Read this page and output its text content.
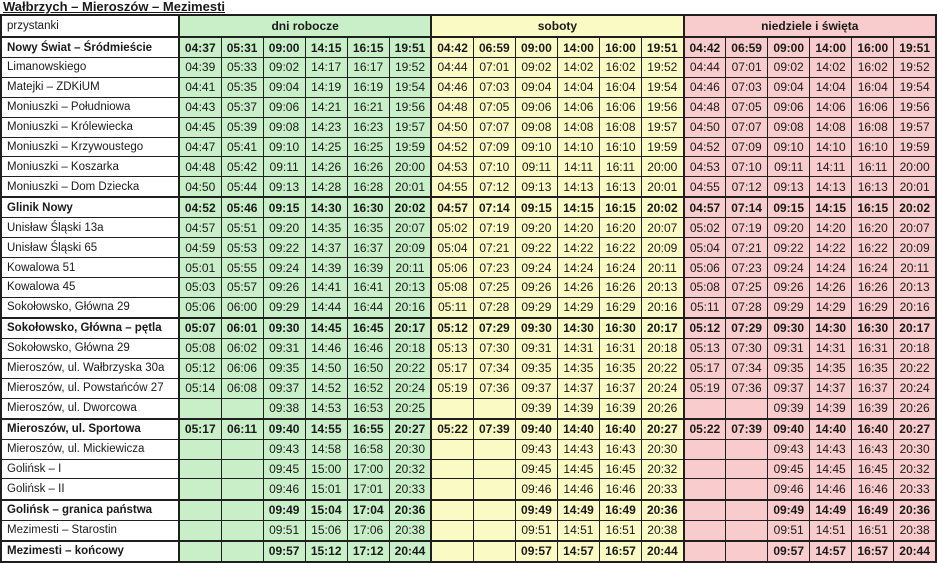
Wałbrzych – Mieroszów – Mezimesti
przystanki	dni robocze						soboty						niedziele i święta					
Nowy Świat – Śródmieście	04:37	05:31	09:00	14:15	16:15	19:51	04:42	06:59	09:00	14:00	16:00	19:51	04:42	06:59	09:00	14:00	16:00	19:51
Limanowskiego	04:39	05:33	09:02	14:17	16:17	19:52	04:44	07:01	09:02	14:02	16:02	19:52	04:44	07:01	09:02	14:02	16:02	19:52
Matejki – ZDKiUM	04:41	05:35	09:04	14:19	16:19	19:54	04:46	07:03	09:04	14:04	16:04	19:54	04:46	07:03	09:04	14:04	16:04	19:54
Moniuszki – Południowa	04:43	05:37	09:06	14:21	16:21	19:56	04:48	07:05	09:06	14:06	16:06	19:56	04:48	07:05	09:06	14:06	16:06	19:56
Moniuszki – Królewiecka	04:45	05:39	09:08	14:23	16:23	19:57	04:50	07:07	09:08	14:08	16:08	19:57	04:50	07:07	09:08	14:08	16:08	19:57
Moniuszki – Krzywoustego	04:47	05:41	09:10	14:25	16:25	19:59	04:52	07:09	09:10	14:10	16:10	19:59	04:52	07:09	09:10	14:10	16:10	19:59
Moniuszki – Koszarka	04:48	05:42	09:11	14:26	16:26	20:00	04:53	07:10	09:11	14:11	16:11	20:00	04:53	07:10	09:11	14:11	16:11	20:00
Moniuszki – Dom Dziecka	04:50	05:44	09:13	14:28	16:28	20:01	04:55	07:12	09:13	14:13	16:13	20:01	04:55	07:12	09:13	14:13	16:13	20:01
Glinik Nowy	04:52	05:46	09:15	14:30	16:30	20:02	04:57	07:14	09:15	14:15	16:15	20:02	04:57	07:14	09:15	14:15	16:15	20:02
Unisław Śląski 13a	04:57	05:51	09:20	14:35	16:35	20:07	05:02	07:19	09:20	14:20	16:20	20:07	05:02	07:19	09:20	14:20	16:20	20:07
Unisław Śląski 65	04:59	05:53	09:22	14:37	16:37	20:09	05:04	07:21	09:22	14:22	16:22	20:09	05:04	07:21	09:22	14:22	16:22	20:09
Kowalowa 51	05:01	05:55	09:24	14:39	16:39	20:11	05:06	07:23	09:24	14:24	16:24	20:11	05:06	07:23	09:24	14:24	16:24	20:11
Kowalowa 45	05:03	05:57	09:26	14:41	16:41	20:13	05:08	07:25	09:26	14:26	16:26	20:13	05:08	07:25	09:26	14:26	16:26	20:13
Sokołowsko, Główna 29	05:06	06:00	09:29	14:44	16:44	20:16	05:11	07:28	09:29	14:29	16:29	20:16	05:11	07:28	09:29	14:29	16:29	20:16
Sokołowsko, Główna – pętla	05:07	06:01	09:30	14:45	16:45	20:17	05:12	07:29	09:30	14:30	16:30	20:17	05:12	07:29	09:30	14:30	16:30	20:17
Sokołowsko, Główna 29	05:08	06:02	09:31	14:46	16:46	20:18	05:13	07:30	09:31	14:31	16:31	20:18	05:13	07:30	09:31	14:31	16:31	20:18
Mieroszów, ul. Wałbrzyska 30a	05:12	06:06	09:35	14:50	16:50	20:22	05:17	07:34	09:35	14:35	16:35	20:22	05:17	07:34	09:35	14:35	16:35	20:22
Mieroszów, ul. Powstańców 27	05:14	06:08	09:37	14:52	16:52	20:24	05:19	07:36	09:37	14:37	16:37	20:24	05:19	07:36	09:37	14:37	16:37	20:24
Mieroszów, ul. Dworcowa			09:38	14:53	16:53	20:25			09:39	14:39	16:39	20:26			09:39	14:39	16:39	20:26
Mieroszów, ul. Sportowa	05:17	06:11	09:40	14:55	16:55	20:27	05:22	07:39	09:40	14:40	16:40	20:27	05:22	07:39	09:40	14:40	16:40	20:27
Mieroszów, ul. Mickiewicza			09:43	14:58	16:58	20:30			09:43	14:43	16:43	20:30			09:43	14:43	16:43	20:30
Golińsk – I			09:45	15:00	17:00	20:32			09:45	14:45	16:45	20:32			09:45	14:45	16:45	20:32
Golińsk – II			09:46	15:01	17:01	20:33			09:46	14:46	16:46	20:33			09:46	14:46	16:46	20:33
Golińsk – granica państwa			09:49	15:04	17:04	20:36			09:49	14:49	16:49	20:36			09:49	14:49	16:49	20:36
Mezimesti – Starostin			09:51	15:06	17:06	20:38			09:51	14:51	16:51	20:38			09:51	14:51	16:51	20:38
Mezimesti – końcowy			09:57	15:12	17:12	20:44			09:57	14:57	16:57	20:44			09:57	14:57	16:57	20:44
